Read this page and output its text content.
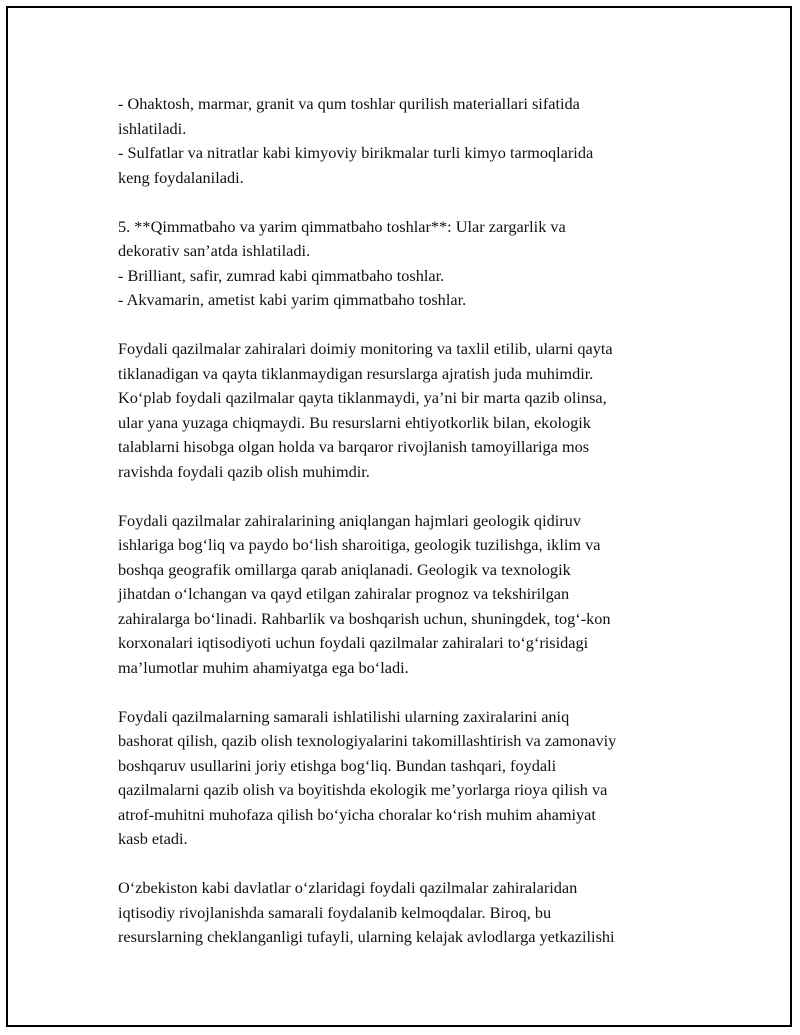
- Ohaktosh, marmar, granit va qum toshlar qurilish materiallari sifatida
ishlatiladi.

- Sulfatlar va nitratlar kabi kimyoviy birikmalar turli kimyo tarmoqlarida
keng foydalaniladi.

5. **Qimmatbaho va yarim qimmatbaho toshlar**: Ular zargarlik va
dekorativ san’atda ishlatiladi.

- Brilliant, safir, zumrad kabi qimmatbaho toshlar.

- Akvamarin, ametist kabi yarim qimmatbaho toshlar.

Foydali qazilmalar zahiralari doimiy monitoring va taxlil etilib, ularni qayta
tiklanadigan va qayta tiklanmaydigan resurslarga ajratish juda muhimdir.
Ko‘plab foydali qazilmalar qayta tiklanmaydi, ya’ni bir marta qazib olinsa,
ular yana yuzaga chiqmaydi. Bu resurslarni ehtiyotkorlik bilan, ekologik
talablarni hisobga olgan holda va barqaror rivojlanish tamoyillariga mos
ravishda foydali qazib olish muhimdir.

Foydali qazilmalar zahiralarining aniqlangan hajmlari geologik qidiruv
ishlariga bog‘liq va paydo bo‘lish sharoitiga, geologik tuzilishga, iklim va
boshqa geografik omillarga qarab aniqlanadi. Geologik va texnologik
jihatdan o‘lchangan va qayd etilgan zahiralar prognoz va tekshirilgan
zahiralarga bo‘linadi. Rahbarlik va boshqarish uchun, shuningdek, tog‘-kon
korxonalari iqtisodiyoti uchun foydali qazilmalar zahiralari to‘g‘risidagi
ma’lumotlar muhim ahamiyatga ega bo‘ladi.

Foydali qazilmalarning samarali ishlatilishi ularning zaxiralarini aniq
bashorat qilish, qazib olish texnologiyalarini takomillashtirish va zamonaviy
boshqaruv usullarini joriy etishga bog‘liq. Bundan tashqari, foydali
qazilmalarni qazib olish va boyitishda ekologik me’yorlarga rioya qilish va
atrof-muhitni muhofaza qilish bo‘yicha choralar ko‘rish muhim ahamiyat
kasb etadi.

O‘zbekiston kabi davlatlar o‘zlaridagi foydali qazilmalar zahiralaridan
iqtisodiy rivojlanishda samarali foydalanib kelmoqdalar. Biroq, bu
resurslarning cheklanganligi tufayli, ularning kelajak avlodlarga yetkazilishi
